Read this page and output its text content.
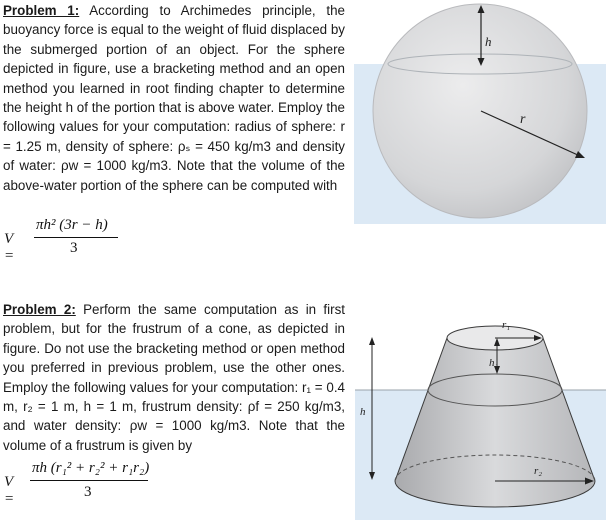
Problem 1: According to Archimedes principle, the buoyancy force is equal to the weight of fluid displaced by the submerged portion of an object. For the sphere depicted in figure, use a bracketing method and an open method you learned in root finding chapter to determine the height h of the portion that is above water. Employ the following values for your computation: radius of sphere: r = 1.25 m, density of sphere: ρₛ = 450 kg/m3 and density of water: ρw = 1000 kg/m3. Note that the volume of the above-water portion of the sphere can be computed with

V =
πh² (3r − h)
3

Problem 2: Perform the same computation as in first problem, but for the frustrum of a cone, as depicted in figure. Do not use the bracketing method or open method you preferred in previous problem, use the other ones. Employ the following values for your computation: r₁ = 0.4 m, r₂ = 1 m, h = 1 m, frustrum density: ρf = 250 kg/m3, and water density: ρw = 1000 kg/m3. Note that the volume of a frustrum is given by

V =
πh (r₁² + r₂² + r₁r₂)
3
h
r
r₁
h₁
h
r₂
